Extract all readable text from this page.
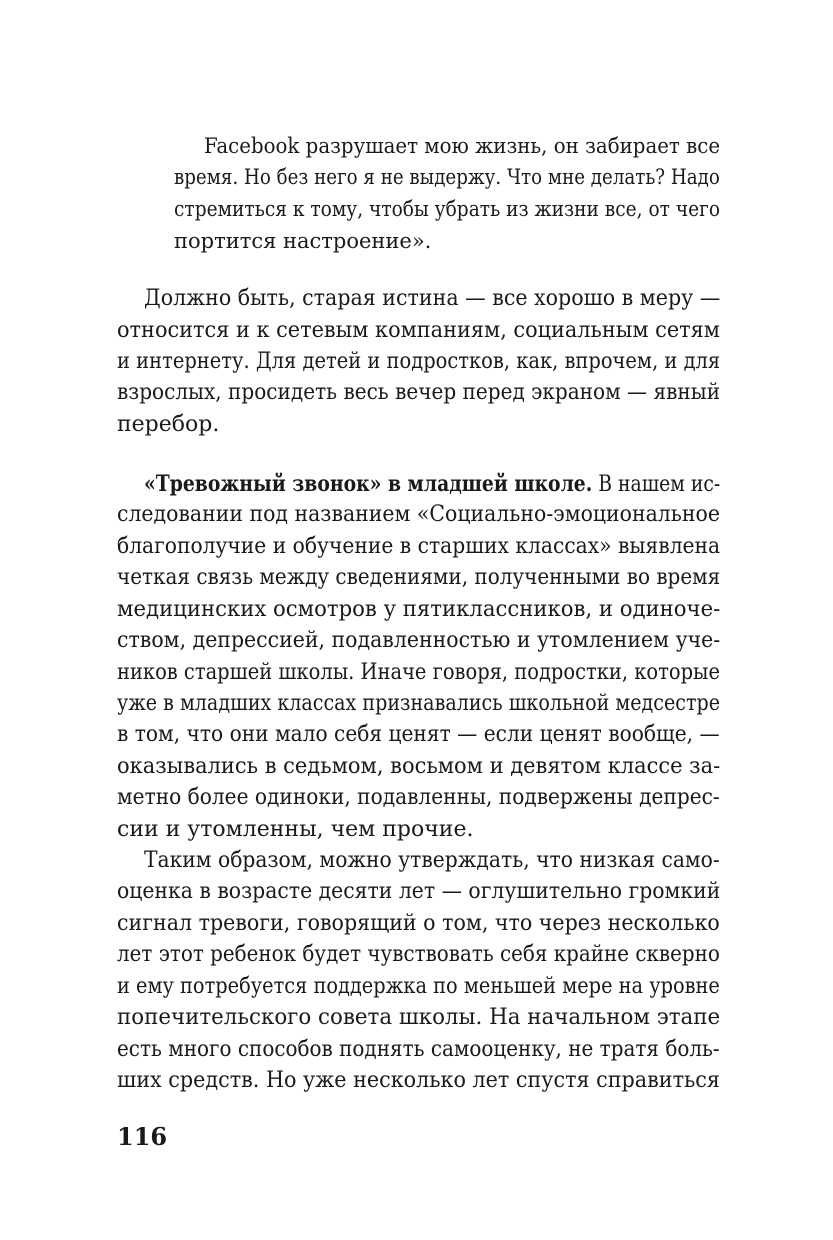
Facebook разрушает мою жизнь, он забирает все
время. Но без него я не выдержу. Что мне делать? Надо
стремиться к тому, чтобы убрать из жизни все, от чего
портится настроение».
Должно быть, старая истина — все хорошо в меру —
относится и к сетевым компаниям, социальным сетям
и интернету. Для детей и подростков, как, впрочем, и для
взрослых, просидеть весь вечер перед экраном — явный
перебор.
«Тревожный звонок» в младшей школе. В нашем ис-
следовании под названием «Социально-эмоциональное
благополучие и обучение в старших классах» выявлена
четкая связь между сведениями, полученными во время
медицинских осмотров у пятиклассников, и одиноче-
ством, депрессией, подавленностью и утомлением уче-
ников старшей школы. Иначе говоря, подростки, которые
уже в младших классах признавались школьной медсестре
в том, что они мало себя ценят — если ценят вообще, —
оказывались в седьмом, восьмом и девятом классе за-
метно более одиноки, подавленны, подвержены депрес-
сии и утомленны, чем прочие.
Таким образом, можно утверждать, что низкая само-
оценка в возрасте десяти лет — оглушительно громкий
сигнал тревоги, говорящий о том, что через несколько
лет этот ребенок будет чувствовать себя крайне скверно
и ему потребуется поддержка по меньшей мере на уровне
попечительского совета школы. На начальном этапе
есть много способов поднять самооценку, не тратя боль-
ших средств. Но уже несколько лет спустя справиться
116
